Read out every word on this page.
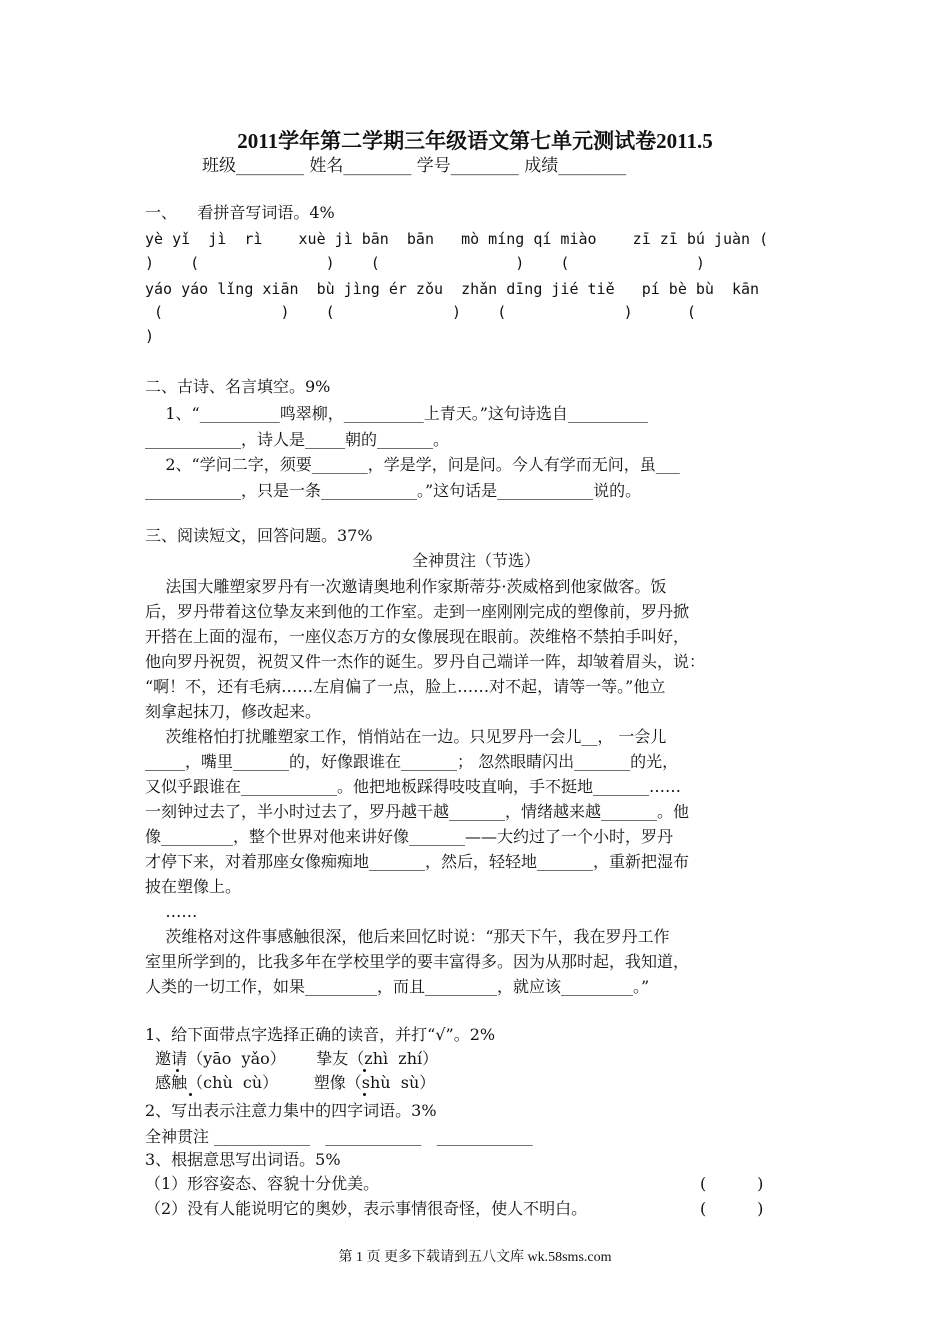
2011学年第二学期三年级语文第七单元测试卷2011.5
班级________ 姓名________ 学号________ 成绩________
一、    看拼音写词语。4%
yè yǐ  jì  rì    xuè jì bān  bān   mò míng qí miào    zī zī bú juàn (
)    (              )    (               )    (              )
yáo yáo lǐng xiān  bù jìng ér zǒu  zhǎn dīng jié tiě   pí bè bù  kān
(             )    (             )    (             )      (
)
二、古诗、名言填空。9%
1、“__________鸣翠柳，__________上青天。”这句诗选自__________
____________，诗人是_____朝的_______。
2、“学问二字，须要_______，学是学，问是问。今人有学而无问，虽___
____________，只是一条____________。”这句话是____________说的。
三、阅读短文，回答问题。37%
全神贯注（节选）
法国大雕塑家罗丹有一次邀请奥地利作家斯蒂芬·茨威格到他家做客。饭
后，罗丹带着这位挚友来到他的工作室。走到一座刚刚完成的塑像前，罗丹掀
开搭在上面的湿布，一座仪态万方的女像展现在眼前。茨维格不禁拍手叫好，
他向罗丹祝贺，祝贺又件一杰作的诞生。罗丹自己端详一阵，却皱着眉头，说：
“啊！不，还有毛病……左肩偏了一点，脸上……对不起，请等一等。”他立
刻拿起抹刀，修改起来。
茨维格怕打扰雕塑家工作，悄悄站在一边。只见罗丹一会儿__， 一会儿
_____，嘴里_______的，好像跟谁在_______； 忽然眼睛闪出_______的光，
又似乎跟谁在____________。他把地板踩得吱吱直响，手不挺地_______……
一刻钟过去了，半小时过去了，罗丹越干越_______，情绪越来越_______。他
像_________，整个世界对他来讲好像_______——大约过了一个小时，罗丹
才停下来，对着那座女像痴痴地_______，然后，轻轻地_______，重新把湿布
披在塑像上。
……
茨维格对这件事感触很深，他后来回忆时说：“那天下午，我在罗丹工作
室里所学到的，比我多年在学校里学的要丰富得多。因为从那时起，我知道，
人类的一切工作，如果_________，而且_________，就应该_________。”
1、给下面带点字选择正确的读音，并打“√”。2%
邀请（yāo  yǎo）      挚友（zhì  zhí）
感触（chù  cù）       塑像（shù  sù）
2、写出表示注意力集中的四字词语。3%
全神贯注 ____________   ____________   ____________
3、根据意思写出词语。5%
（1）形容姿态、容貌十分优美。	(          )
（2）没有人能说明它的奥妙，表示事情很奇怪，使人不明白。	(          )
第 1 页 更多下载请到五八文库 wk.58sms.com
